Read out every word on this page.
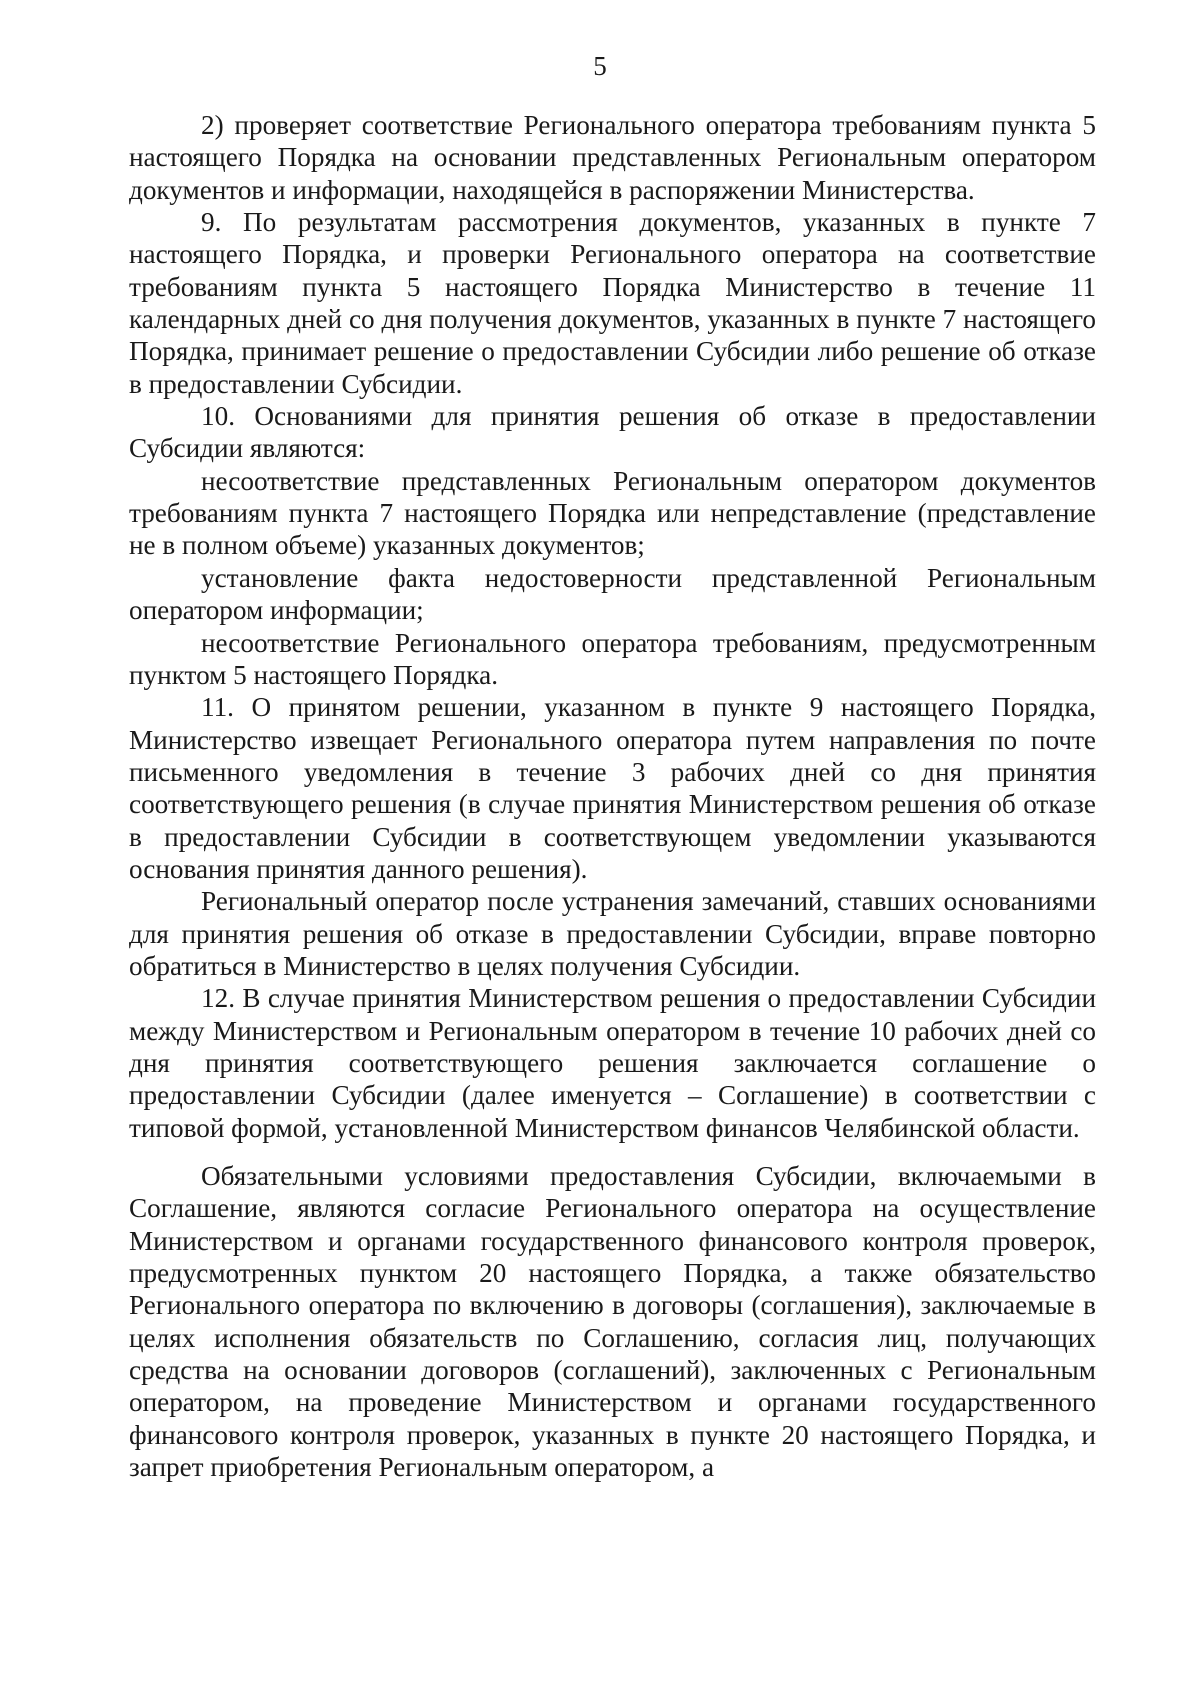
5

2) проверяет соответствие Регионального оператора требованиям пункта 5 настоящего Порядка на основании представленных Региональным оператором документов и информации, находящейся в распоряжении Министерства.

9. По результатам рассмотрения документов, указанных в пункте 7 настоящего Порядка, и проверки Регионального оператора на соответствие требованиям пункта 5 настоящего Порядка Министерство в течение 11 календарных дней со дня получения документов, указанных в пункте 7 настоящего Порядка, принимает решение о предоставлении Субсидии либо решение об отказе в предоставлении Субсидии.

10. Основаниями для принятия решения об отказе в предоставлении Субсидии являются:

несоответствие представленных Региональным оператором документов требованиям пункта 7 настоящего Порядка или непредставление (представление не в полном объеме) указанных документов;

установление факта недостоверности представленной Региональным оператором информации;

несоответствие Регионального оператора требованиям, предусмотренным пунктом 5 настоящего Порядка.

11. О принятом решении, указанном в пункте 9 настоящего Порядка, Министерство извещает Регионального оператора путем направления по почте письменного уведомления в течение 3 рабочих дней со дня принятия соответствующего решения (в случае принятия Министерством решения об отказе в предоставлении Субсидии в соответствующем уведомлении указываются основания принятия данного решения).

Региональный оператор после устранения замечаний, ставших основаниями для принятия решения об отказе в предоставлении Субсидии, вправе повторно обратиться в Министерство в целях получения Субсидии.

12. В случае принятия Министерством решения о предоставлении Субсидии между Министерством и Региональным оператором в течение 10 рабочих дней со дня принятия соответствующего решения заключается соглашение о предоставлении Субсидии (далее именуется – Соглашение) в соответствии с типовой формой, установленной Министерством финансов Челябинской области.

Обязательными условиями предоставления Субсидии, включаемыми в Соглашение, являются согласие Регионального оператора на осуществление Министерством и органами государственного финансового контроля проверок, предусмотренных пунктом 20 настоящего Порядка, а также обязательство Регионального оператора по включению в договоры (соглашения), заключаемые в целях исполнения обязательств по Соглашению, согласия лиц, получающих средства на основании договоров (соглашений), заключенных с Региональным оператором, на проведение Министерством и органами государственного финансового контроля проверок, указанных в пункте 20 настоящего Порядка, и запрет приобретения Региональным оператором, а
